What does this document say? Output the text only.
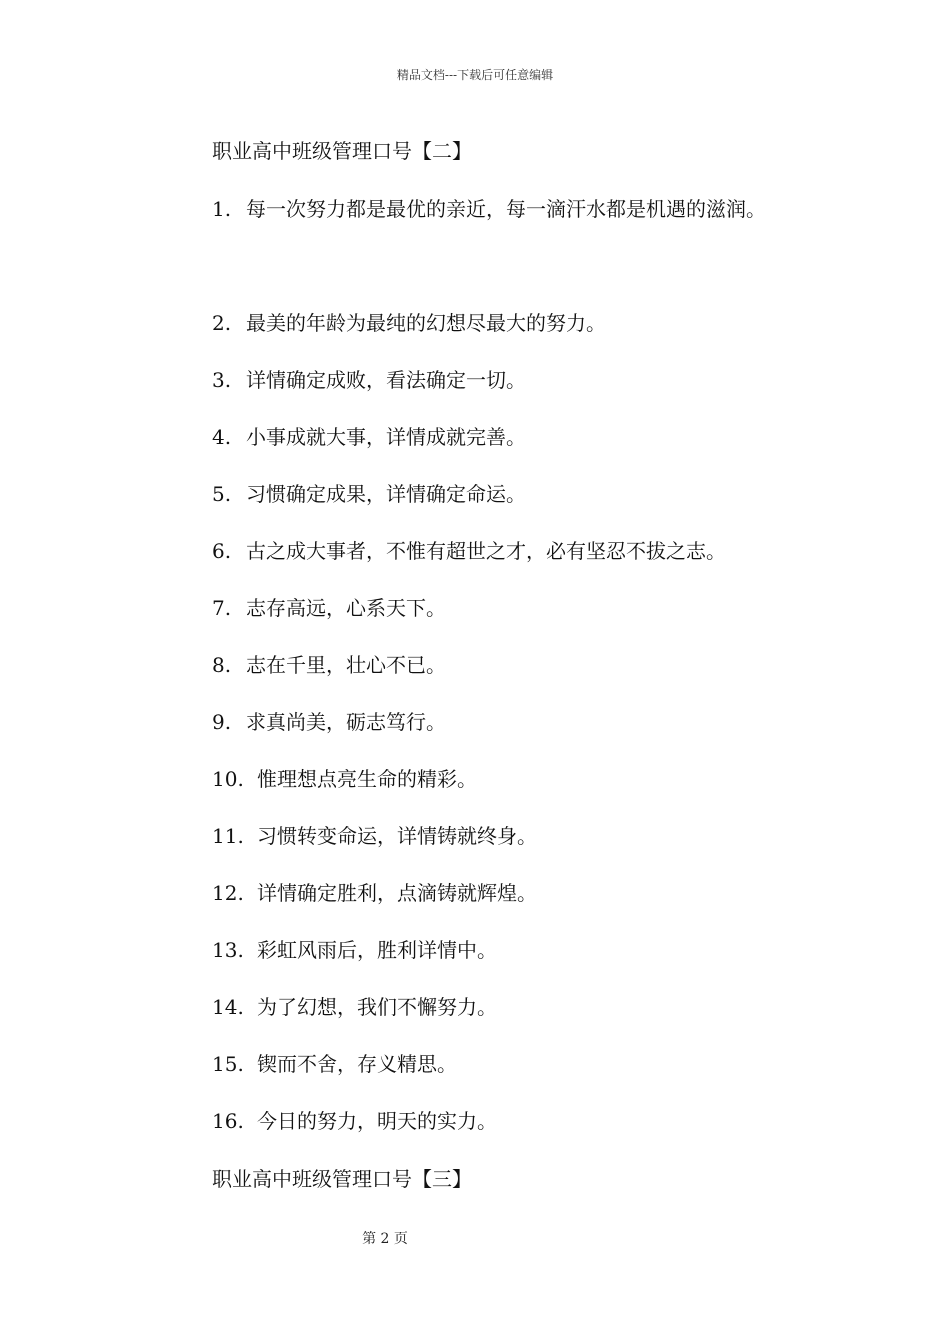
精品文档---下载后可任意编辑
职业高中班级管理口号【二】
1. 每一次努力都是最优的亲近，每一滴汗水都是机遇的滋润。
2. 最美的年龄为最纯的幻想尽最大的努力。
3. 详情确定成败，看法确定一切。
4. 小事成就大事，详情成就完善。
5. 习惯确定成果，详情确定命运。
6. 古之成大事者，不惟有超世之才，必有坚忍不拔之志。
7. 志存高远，心系天下。
8. 志在千里，壮心不已。
9. 求真尚美，砺志笃行。
10. 惟理想点亮生命的精彩。
11. 习惯转变命运，详情铸就终身。
12. 详情确定胜利，点滴铸就辉煌。
13. 彩虹风雨后，胜利详情中。
14. 为了幻想，我们不懈努力。
15. 锲而不舍，存义精思。
16. 今日的努力，明天的实力。
职业高中班级管理口号【三】
第 2 页
